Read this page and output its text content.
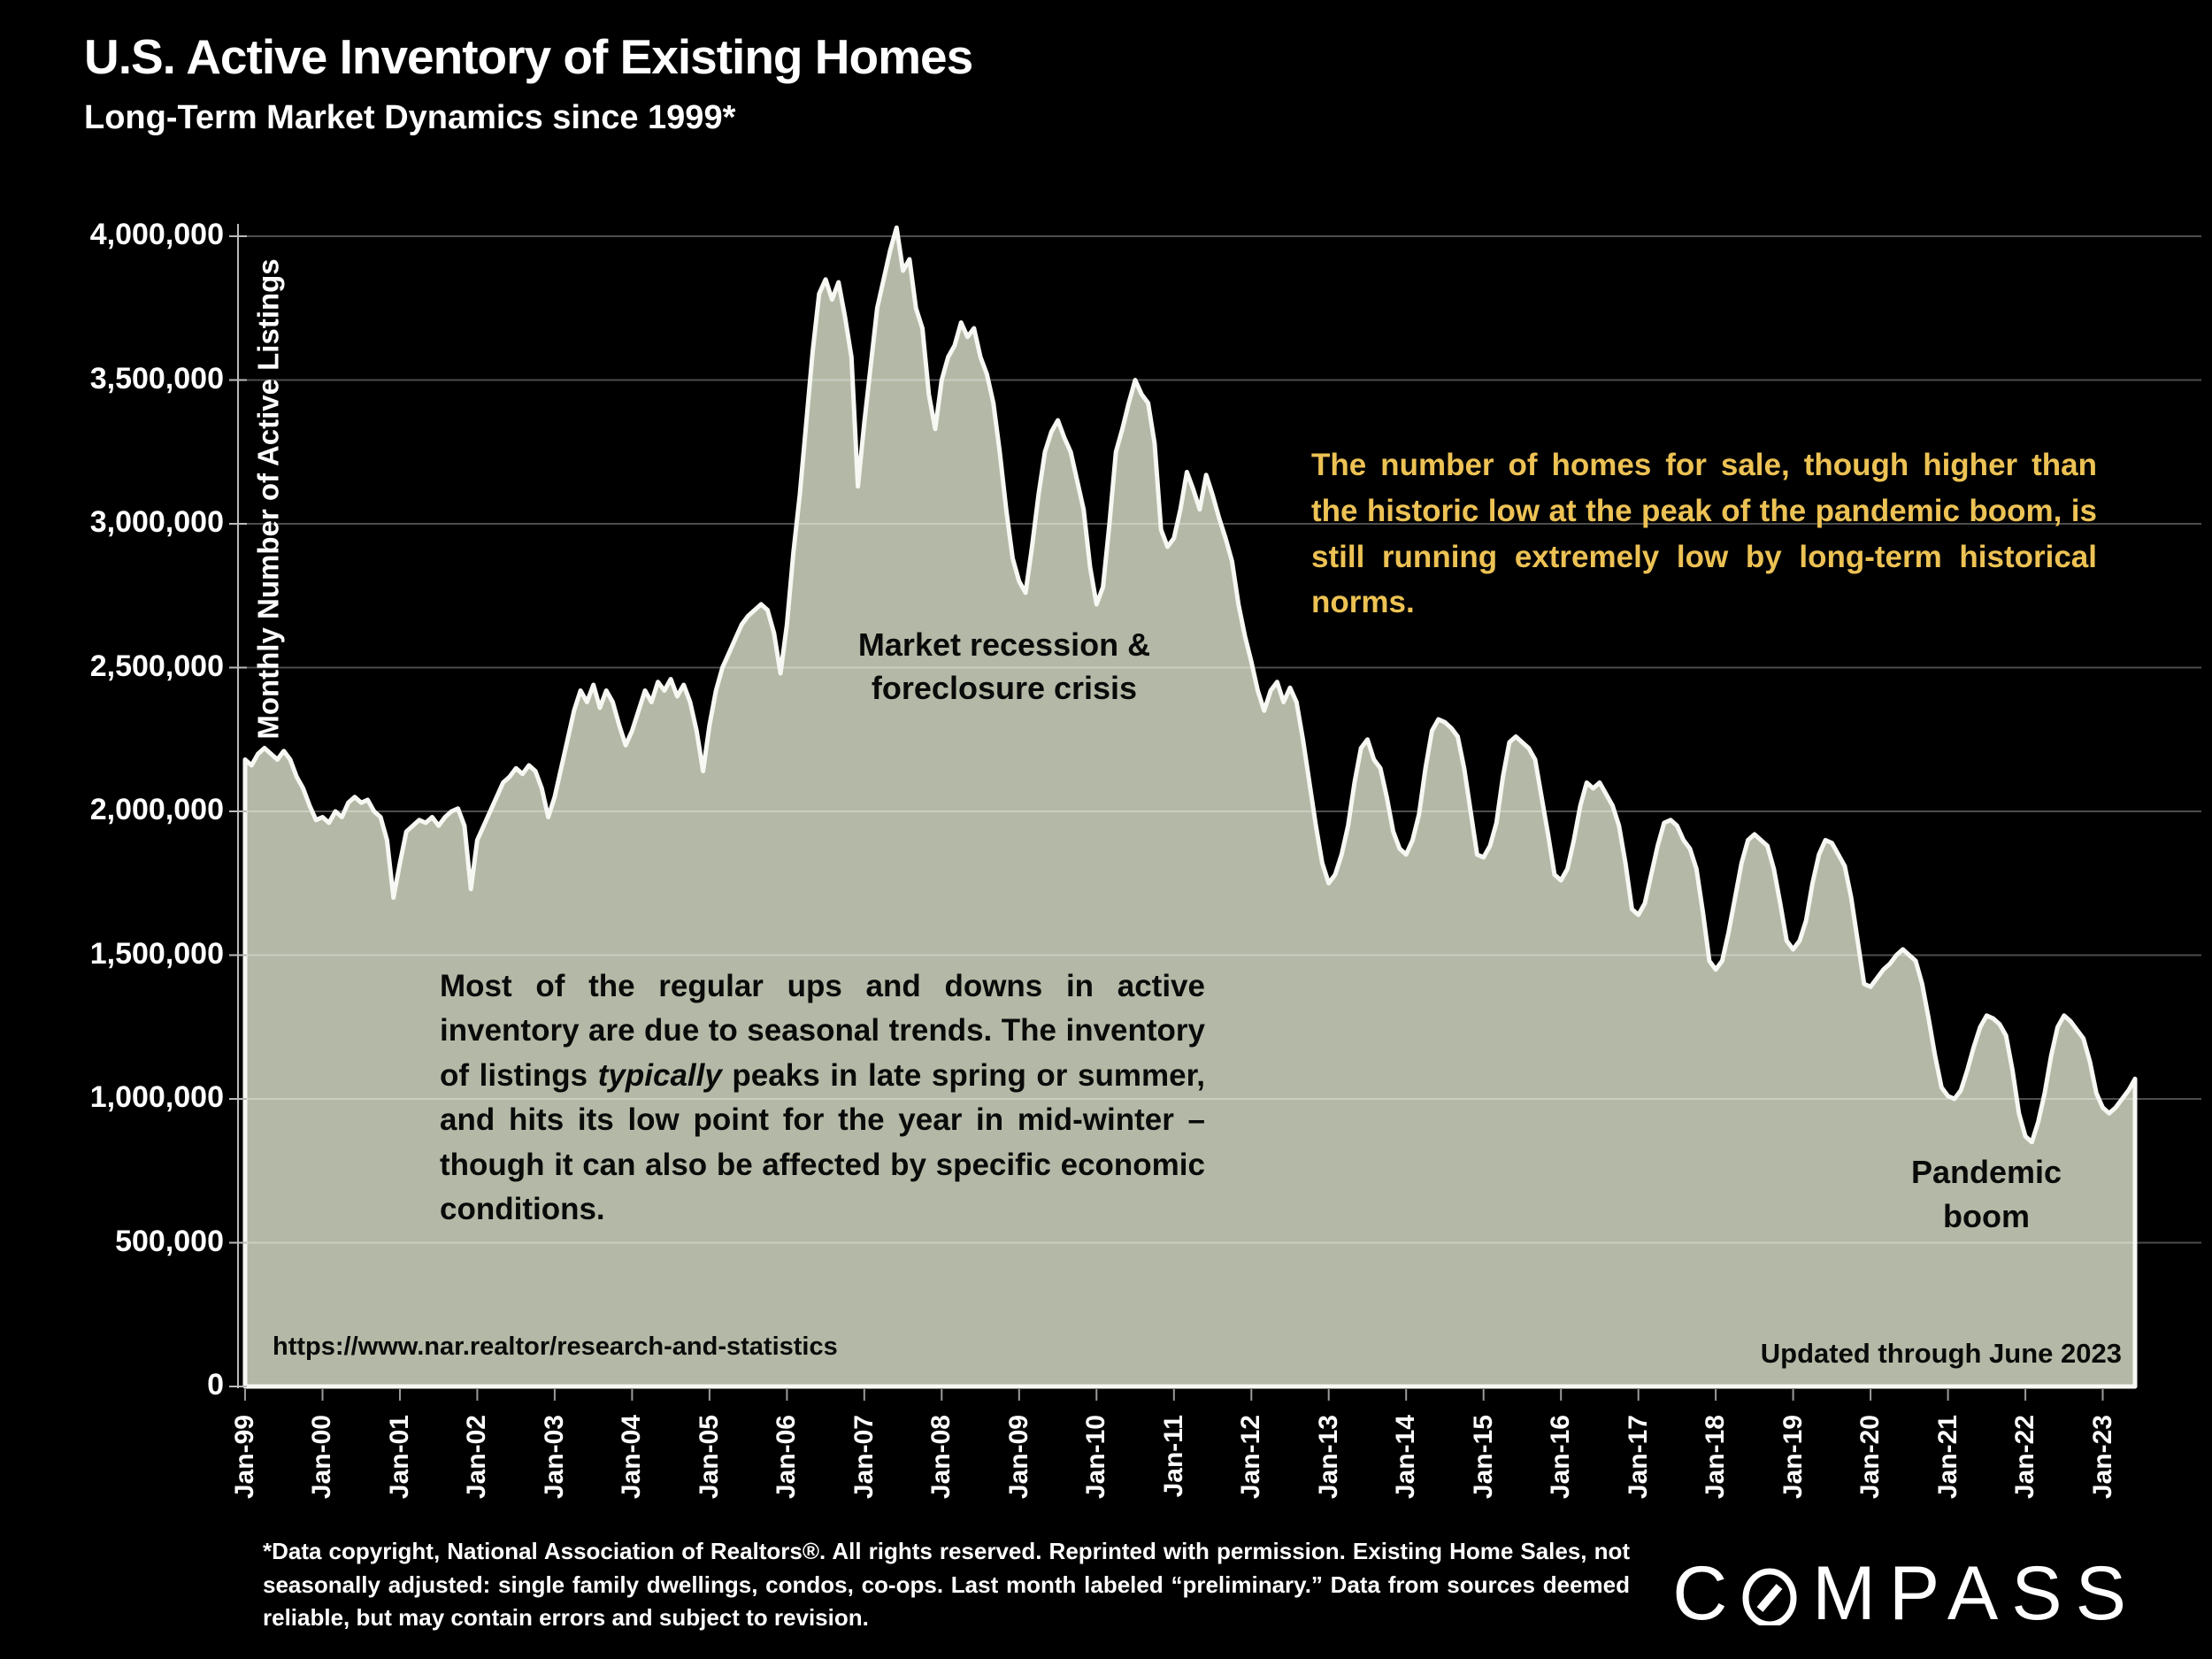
U.S. Active Inventory of Existing Homes
Long-Term Market Dynamics since 1999*
Monthly Number of Active Listings
4,000,000
3,500,000
3,000,000
2,500,000
2,000,000
1,500,000
1,000,000
500,000
0
Jan-99 Jan-00 Jan-01 Jan-02 Jan-03 Jan-04 Jan-05 Jan-06 Jan-07 Jan-08 Jan-09 Jan-10 Jan-11 Jan-12 Jan-13 Jan-14 Jan-15 Jan-16 Jan-17 Jan-18 Jan-19 Jan-20 Jan-21 Jan-22 Jan-23
Market recession &
foreclosure crisis
Most of the regular ups and downs in active inventory are due to seasonal trends. The inventory of listings typically peaks in late spring or summer, and hits its low point for the year in mid-winter – though it can also be affected by specific economic conditions.
The number of homes for sale, though higher than the historic low at the peak of the pandemic boom, is still running extremely low by long-term historical norms.
Pandemic
boom
https://www.nar.realtor/research-and-statistics	Updated through June 2023
*Data copyright, National Association of Realtors®. All rights reserved. Reprinted with permission. Existing Home Sales, not seasonally adjusted: single family dwellings, condos, co-ops. Last month labeled “preliminary.” Data from sources deemed reliable, but may contain errors and subject to revision.	C MPASS
